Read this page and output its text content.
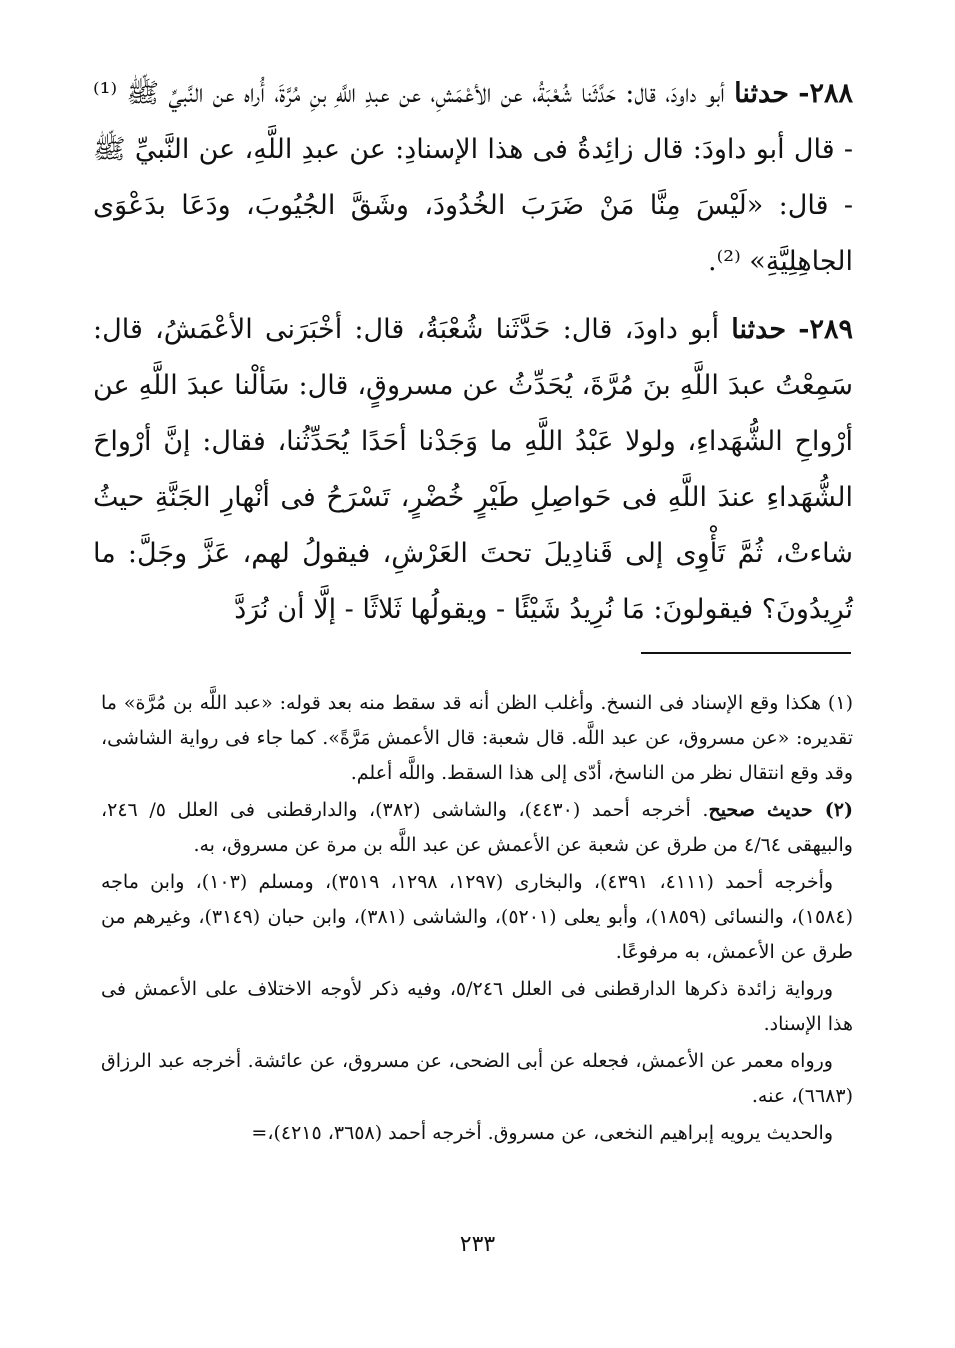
٢٨٨- حدثنا أبو داودَ، قال: حَدَّثَنا شُعْبَةُ، عن الأعْمَشِ، عن عبدِ اللَّهِ بنِ مُرَّةَ، أُراه عن النَّبيِّ ﷺ ⁽¹⁾ - قال أبو داودَ: قال زائِدةُ فى هذا الإسنادِ: عن عبدِ اللَّهِ، عن النَّبيِّ ﷺ - قال: «لَيْسَ مِنَّا مَنْ ضَرَبَ الخُدُودَ، وشَقَّ الجُيُوبَ، ودَعَا بدَعْوَى الجاهِلِيَّةِ» ⁽²⁾.

٢٨٩- حدثنا أبو داودَ، قال: حَدَّثَنا شُعْبَةُ، قال: أخْبَرَنى الأعْمَشُ، قال: سَمِعْتُ عبدَ اللَّهِ بنَ مُرَّةَ، يُحَدِّثُ عن مسروقٍ، قال: سَألْنا عبدَ اللَّهِ عن أرْواحِ الشُّهَداءِ، ولولا عَبْدُ اللَّهِ ما وَجَدْنا أحَدًا يُحَدِّثُنا، فقال: إنَّ أرْواحَ الشُّهَداءِ عندَ اللَّهِ فى حَواصِلِ طَيْرٍ خُضْرٍ، تَسْرَحُ فى أنْهارِ الجَنَّةِ حيثُ شاءتْ، ثُمَّ تَأْوِى إلى قَنادِيلَ تحتَ العَرْشِ، فيقولُ لهم، عَزَّ وجَلَّ: ما تُرِيدُونَ؟ فيقولونَ: مَا نُرِيدُ شَيْئًا - ويقولُها ثَلاثًا - إلَّا أن نُرَدَّ

(١) هكذا وقع الإسناد فى النسخ. وأغلب الظن أنه قد سقط منه بعد قوله: «عبد اللَّه بن مُرَّة» ما تقديره: «عن مسروق، عن عبد اللَّه. قال شعبة: قال الأعمش مَرَّةً». كما جاء فى رواية الشاشى، وقد وقع انتقال نظر من الناسخ، أدّى إلى هذا السقط. واللَّه أعلم.

(٢) حديث صحيح. أخرجه أحمد (٤٤٣٠)، والشاشى (٣٨٢)، والدارقطنى فى العلل ٥/ ٢٤٦، والبيهقى ٤/٦٤ من طرق عن شعبة عن الأعمش عن عبد اللَّه بن مرة عن مسروق، به.

وأخرجه أحمد (٤١١١، ٤٣٩١)، والبخارى (١٢٩٧، ١٢٩٨، ٣٥١٩)، ومسلم (١٠٣)، وابن ماجه (١٥٨٤)، والنسائى (١٨٥٩)، وأبو يعلى (٥٢٠١)، والشاشى (٣٨١)، وابن حبان (٣١٤٩)، وغيرهم من طرق عن الأعمش، به مرفوعًا.

ورواية زائدة ذكرها الدارقطنى فى العلل ٥/٢٤٦، وفيه ذكر لأوجه الاختلاف على الأعمش فى هذا الإسناد.

ورواه معمر عن الأعمش، فجعله عن أبى الضحى، عن مسروق، عن عائشة. أخرجه عبد الرزاق (٦٦٨٣)، عنه.

والحديث يرويه إبراهيم النخعى، عن مسروق. أخرجه أحمد (٣٦٥٨، ٤٢١٥)،=

٢٣٣
